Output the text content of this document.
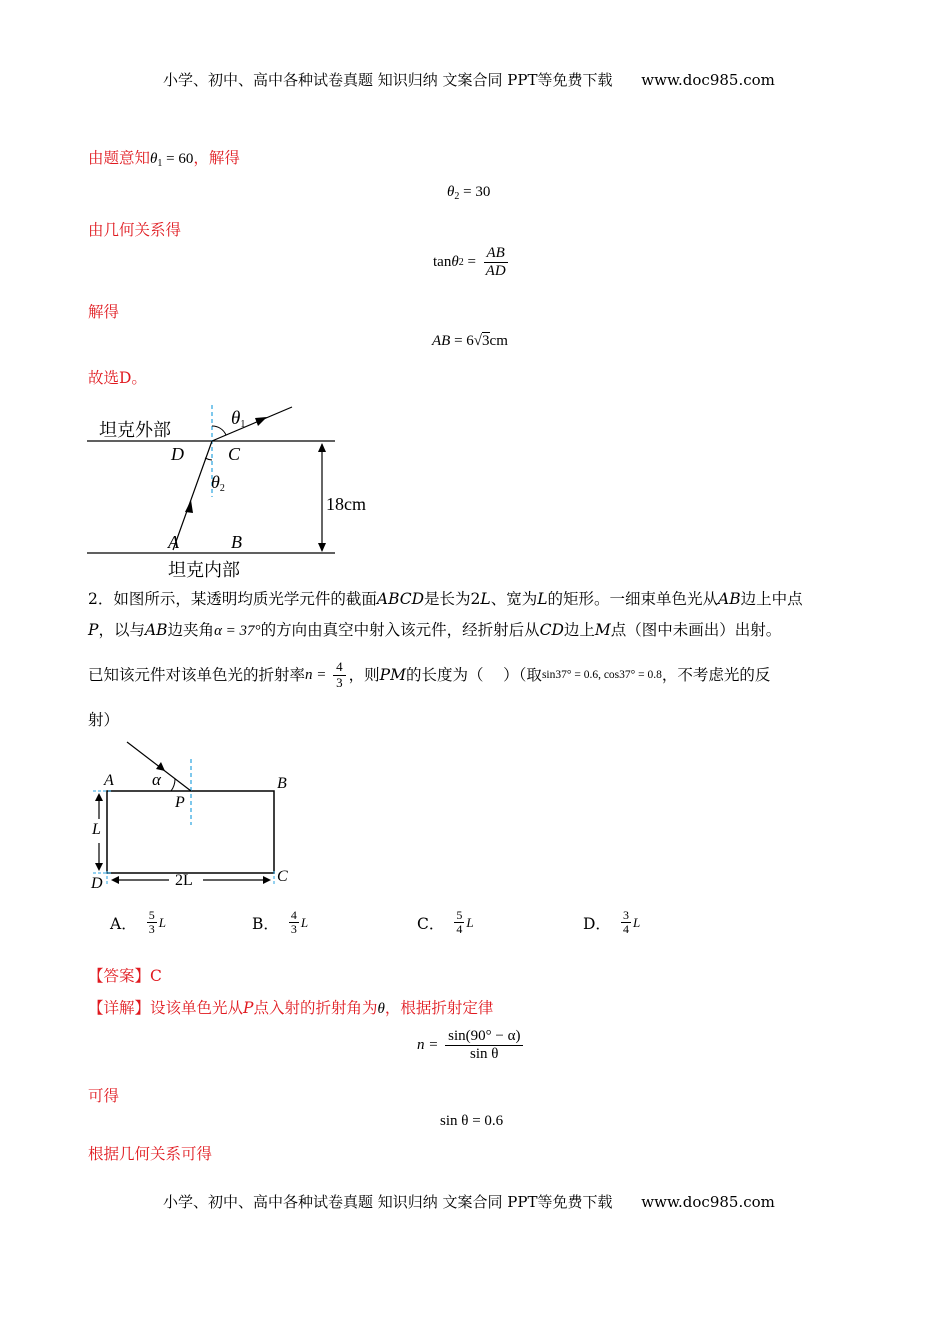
小学、初中、高中各种试卷真题 知识归纳 文案合同 PPT等免费下载 www.doc985.com
由题意知$\theta_1 = 60$，解得
$\theta_2 = 30$
由几何关系得
tan θ $2 = \frac{AB}{AD}$
解得
AB = 6√3cm
故选D。
坦克外部
坦克内部
D C
A	B
$\theta_1$
$\theta_2$
18cm
2．如图所示，某透明均质光学元件的截面ABCD是长为2L、宽为L的矩形。一细束单色光从AB边上中点
P，以与AB边夹角α = 37°的方向由真空中射入该元件，经折射后从CD边上M点（图中未画出）出射。
已知该元件对该单色光的折射率 $n = \frac{4}{3}$ ，则 PM 的长度为（    ）（取 sin37° = 0.6, cos37° = 0.8 ，不考虑光的反
射）
A	B
C
D
P
α
L
2L
A． $\frac{5}{3}$ L	B． $\frac{4}{3}$ L	C． $\frac{5}{4}$ L	D． $\frac{3}{4}$ L
【答案】C
【详解】设该单色光从P点入射的折射角为θ，根据折射定律
$n = \frac{\sin(90^\circ - \alpha)}{\text{sin θ}}$
可得
sin θ = 0.6
根据几何关系可得
小学、初中、高中各种试卷真题 知识归纳 文案合同 PPT等免费下载 www.doc985.com
